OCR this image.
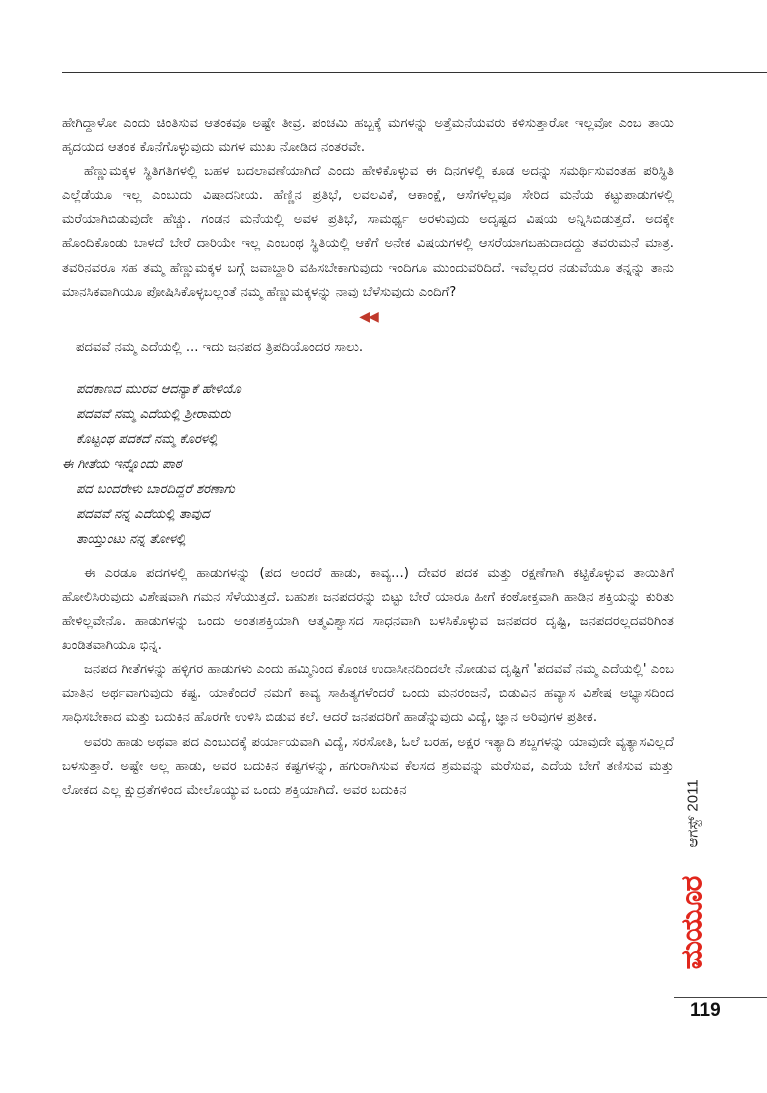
ಹೇಗಿದ್ದಾಳೋ ಎಂದು ಚಿಂತಿಸುವ ಆತಂಕವೂ ಅಷ್ಟೇ ತೀವ್ರ. ಪಂಚಮಿ ಹಬ್ಬಕ್ಕೆ ಮಗಳನ್ನು ಅತ್ತೆಮನೆಯವರು ಕಳಿಸುತ್ತಾರೋ ಇಲ್ಲವೋ ಎಂಬ ತಾಯಿ ಹೃದಯದ ಆತಂಕ ಕೊನೆಗೊಳ್ಳುವುದು ಮಗಳ ಮುಖ ನೋಡಿದ ನಂತರವೇ.

ಹೆಣ್ಣುಮಕ್ಕಳ ಸ್ಥಿತಿಗತಿಗಳಲ್ಲಿ ಬಹಳ ಬದಲಾವಣೆಯಾಗಿದೆ ಎಂದು ಹೇಳಿಕೊಳ್ಳುವ ಈ ದಿನಗಳಲ್ಲಿ ಕೂಡ ಅದನ್ನು ಸಮರ್ಥಿಸುವಂತಹ ಪರಿಸ್ಥಿತಿ ಎಲ್ಲೆಡೆಯೂ ಇಲ್ಲ ಎಂಬುದು ವಿಷಾದನೀಯ. ಹೆಣ್ಣಿನ ಪ್ರತಿಭೆ, ಲವಲವಿಕೆ, ಆಕಾಂಕ್ಷೆ, ಆಸೆಗಳೆಲ್ಲವೂ ಸೇರಿದ ಮನೆಯ ಕಟ್ಟುಪಾಡುಗಳಲ್ಲಿ ಮರೆಯಾಗಿಬಿಡುವುದೇ ಹೆಚ್ಚು. ಗಂಡನ ಮನೆಯಲ್ಲಿ ಅವಳ ಪ್ರತಿಭೆ, ಸಾಮರ್ಥ್ಯ ಅರಳುವುದು ಅದೃಷ್ಟದ ವಿಷಯ ಅನ್ನಿಸಿಬಿಡುತ್ತದೆ. ಅದಕ್ಕೇ ಹೊಂದಿಕೊಂಡು ಬಾಳದೆ ಬೇರೆ ದಾರಿಯೇ ಇಲ್ಲ ಎಂಬಂಥ ಸ್ಥಿತಿಯಲ್ಲಿ ಆಕೆಗೆ ಅನೇಕ ವಿಷಯಗಳಲ್ಲಿ ಆಸರೆಯಾಗಬಹುದಾದದ್ದು ತವರುಮನೆ ಮಾತ್ರ. ತವರಿನವರೂ ಸಹ ತಮ್ಮ ಹೆಣ್ಣುಮಕ್ಕಳ ಬಗ್ಗೆ ಜವಾಬ್ದಾರಿ ವಹಿಸಬೇಕಾಗುವುದು ಇಂದಿಗೂ ಮುಂದುವರಿದಿದೆ. ಇವೆಲ್ಲದರ ನಡುವೆಯೂ ತನ್ನನ್ನು ತಾನು ಮಾನಸಿಕವಾಗಿಯೂ ಪೋಷಿಸಿಕೊಳ್ಳಬಲ್ಲಂತೆ ನಮ್ಮ ಹೆಣ್ಣುಮಕ್ಕಳನ್ನು ನಾವು ಬೆಳೆಸುವುದು ಎಂದಿಗೆ?

◀◀

ಪದವವೆ ನಮ್ಮ ಎದೆಯಲ್ಲಿ ... ಇದು ಜನಪದ ತ್ರಿಪದಿಯೊಂದರ ಸಾಲು.

ಪದಕಾಣದ ಮುರವ ಆದನ್ಯಾಕೆ ಹೇಳಿಯೊ

ಪದವವೆ ನಮ್ಮ ಎದೆಯಲ್ಲಿ ಶ್ರೀರಾಮರು

ಕೊಟ್ಟಂಥ ಪದಕದೆ ನಮ್ಮ ಕೊರಳಲ್ಲಿ

ಈ ಗೀತೆಯ ಇನ್ನೊಂದು ಪಾಠ

ಪದ ಬಂದರೇಳು ಬಾರದಿದ್ದರೆ ಶರಣಾಗು

ಪದವವೆ ನನ್ನ ಎದೆಯಲ್ಲಿ ತಾವುದ

ತಾಯ್ತುಂಟು ನನ್ನ ತೋಳಲ್ಲಿ

ಈ ಎರಡೂ ಪದಗಳಲ್ಲಿ ಹಾಡುಗಳನ್ನು (ಪದ ಅಂದರೆ ಹಾಡು, ಕಾವ್ಯ...) ದೇವರ ಪದಕ ಮತ್ತು ರಕ್ಷಣೆಗಾಗಿ ಕಟ್ಟಿಕೊಳ್ಳುವ ತಾಯಿತಿಗೆ ಹೋಲಿಸಿರುವುದು ವಿಶೇಷವಾಗಿ ಗಮನ ಸೆಳೆಯುತ್ತದೆ. ಬಹುಶಃ ಜನಪದರನ್ನು ಬಿಟ್ಟು ಬೇರೆ ಯಾರೂ ಹೀಗೆ ಕಂಠೋಕ್ತವಾಗಿ ಹಾಡಿನ ಶಕ್ತಿಯನ್ನು ಕುರಿತು ಹೇಳಿಲ್ಲವೇನೊ. ಹಾಡುಗಳನ್ನು ಒಂದು ಅಂತಃಶಕ್ತಿಯಾಗಿ ಆತ್ಮವಿಶ್ವಾಸದ ಸಾಧನವಾಗಿ ಬಳಸಿಕೊಳ್ಳುವ ಜನಪದರ ದೃಷ್ಟಿ, ಜನಪದರಲ್ಲದವರಿಗಿಂತ ಖಂಡಿತವಾಗಿಯೂ ಭಿನ್ನ.

ಜನಪದ ಗೀತೆಗಳನ್ನು ಹಳ್ಳಿಗರ ಹಾಡುಗಳು ಎಂದು ಹಮ್ಮಿನಿಂದ ಕೊಂಚ ಉದಾಸೀನದಿಂದಲೇ ನೋಡುವ ದೃಷ್ಟಿಗೆ 'ಪದವವೆ ನಮ್ಮ ಎದೆಯಲ್ಲಿ' ಎಂಬ ಮಾತಿನ ಅರ್ಥವಾಗುವುದು ಕಷ್ಟ. ಯಾಕೆಂದರೆ ನಮಗೆ ಕಾವ್ಯ ಸಾಹಿತ್ಯಗಳೆಂದರೆ ಒಂದು ಮನರಂಜನೆ, ಬಿಡುವಿನ ಹವ್ಯಾಸ ವಿಶೇಷ ಅಭ್ಯಾಸದಿಂದ ಸಾಧಿಸಬೇಕಾದ ಮತ್ತು ಬದುಕಿನ ಹೊರಗೇ ಉಳಿಸಿ ಬಿಡುವ ಕಲೆ. ಆದರೆ ಜನಪದರಿಗೆ ಹಾಡೆನ್ನುವುದು ವಿದ್ಯೆ, ಜ್ಞಾನ ಅರಿವುಗಳ ಪ್ರತೀಕ.

ಅವರು ಹಾಡು ಅಥವಾ ಪದ ಎಂಬುದಕ್ಕೆ ಪರ್ಯಾಯವಾಗಿ ವಿದ್ಯೆ, ಸರಸೋತಿ, ಓಲೆ ಬರಹ, ಅಕ್ಷರ ಇತ್ಯಾದಿ ಶಬ್ದಗಳನ್ನು ಯಾವುದೇ ವ್ಯತ್ಯಾಸವಿಲ್ಲದೆ ಬಳಸುತ್ತಾರೆ. ಅಷ್ಟೇ ಅಲ್ಲ ಹಾಡು, ಅವರ ಬದುಕಿನ ಕಷ್ಟಗಳನ್ನು, ಹಗುರಾಗಿಸುವ ಕೆಲಸದ ಶ್ರಮವನ್ನು ಮರೆಸುವ, ಎದೆಯ ಬೇಗೆ ತಣಿಸುವ ಮತ್ತು ಲೋಕದ ಎಲ್ಲ ಕ್ಷುದ್ರತೆಗಳಿಂದ ಮೇಲೊಯ್ಯುವ ಒಂದು ಶಕ್ತಿಯಾಗಿದೆ. ಅವರ ಬದುಕಿನ	ಆಗಸ್ಟ್ 2011
ಮಯೂರ
119
